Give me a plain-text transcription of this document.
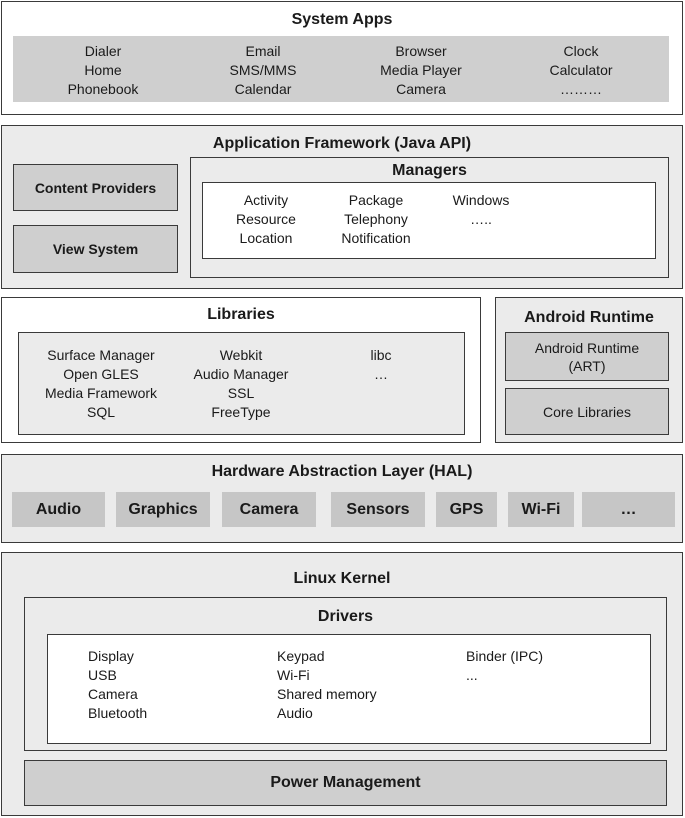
System Apps
Dialer
Home
Phonebook
Email
SMS/MMS
Calendar
Browser
Media Player
Camera
Clock
Calculator
………
Application Framework (Java API)
Content Providers
View System
Managers
Activity
Resource
Location
Package
Telephony
Notification
Windows
…..
Libraries
Surface Manager
Open GLES
Media Framework
SQL
Webkit
Audio Manager
SSL
FreeType
libc
…
Android Runtime
Android Runtime
(ART)
Core Libraries
Hardware Abstraction Layer (HAL)
Audio	Graphics	Camera	Sensors	GPS	Wi-Fi	…
Linux Kernel
Drivers
Display
USB
Camera
Bluetooth
Keypad
Wi-Fi
Shared memory
Audio
Binder (IPC)
...
Power Management
